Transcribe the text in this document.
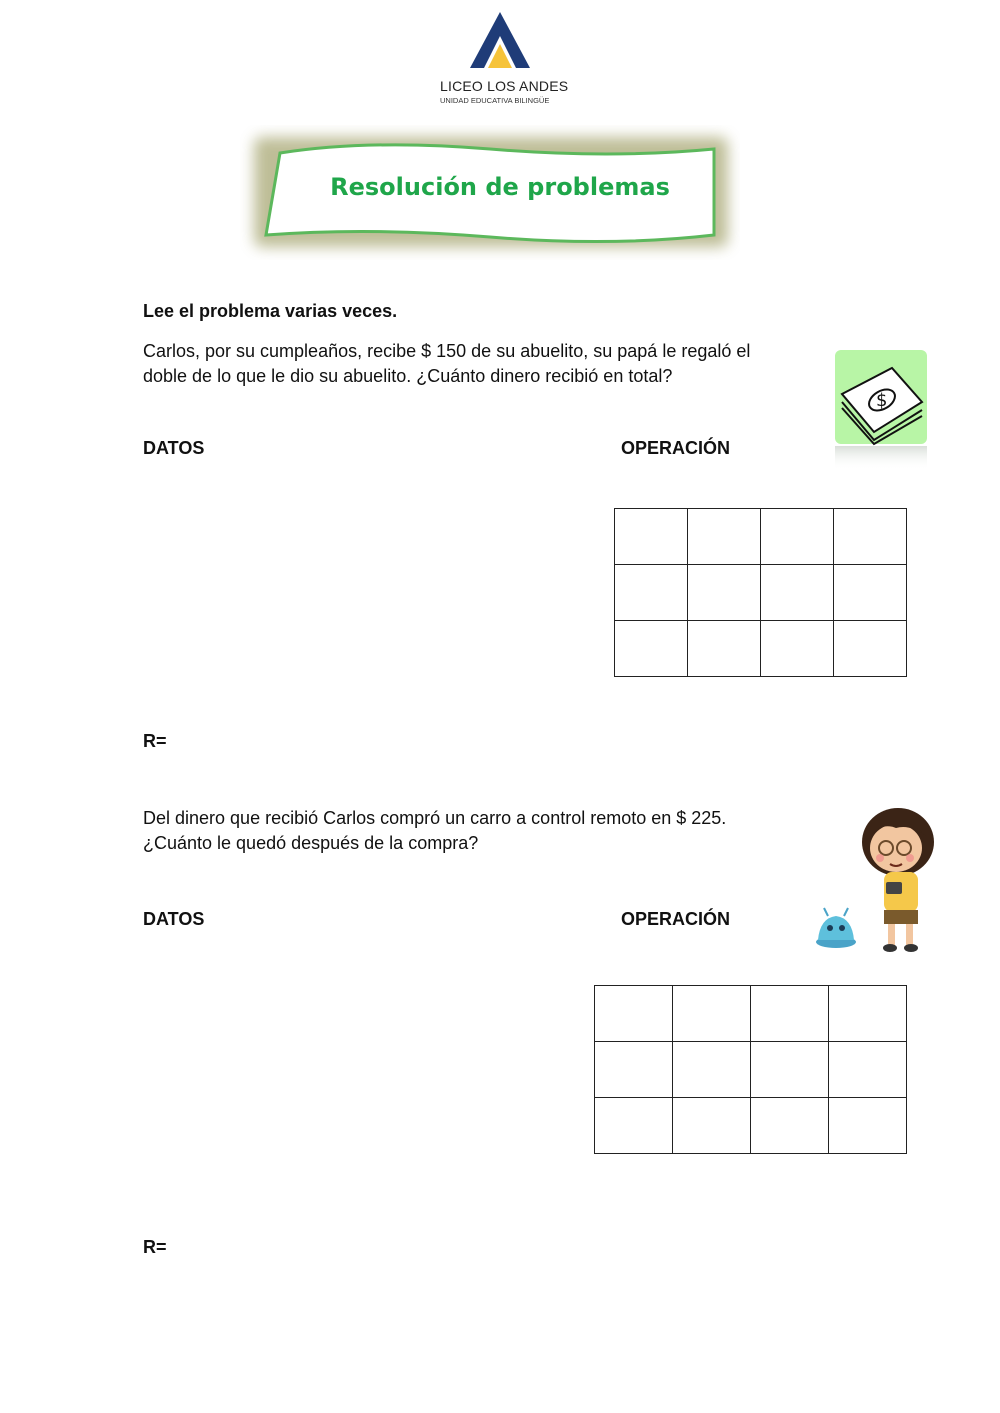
LICEO LOS ANDES
UNIDAD EDUCATIVA BILINGÜE
Resolución de problemas
Lee el problema varias veces.
Carlos, por su cumpleaños, recibe $ 150 de su abuelito, su papá le regaló el
doble de lo que le dio su abuelito. ¿Cuánto dinero recibió en total?
$
DATOS	OPERACIÓN

R=
Del dinero que recibió Carlos compró un carro a control remoto en $ 225.
¿Cuánto le quedó después de la compra?
DATOS	OPERACIÓN

R=
